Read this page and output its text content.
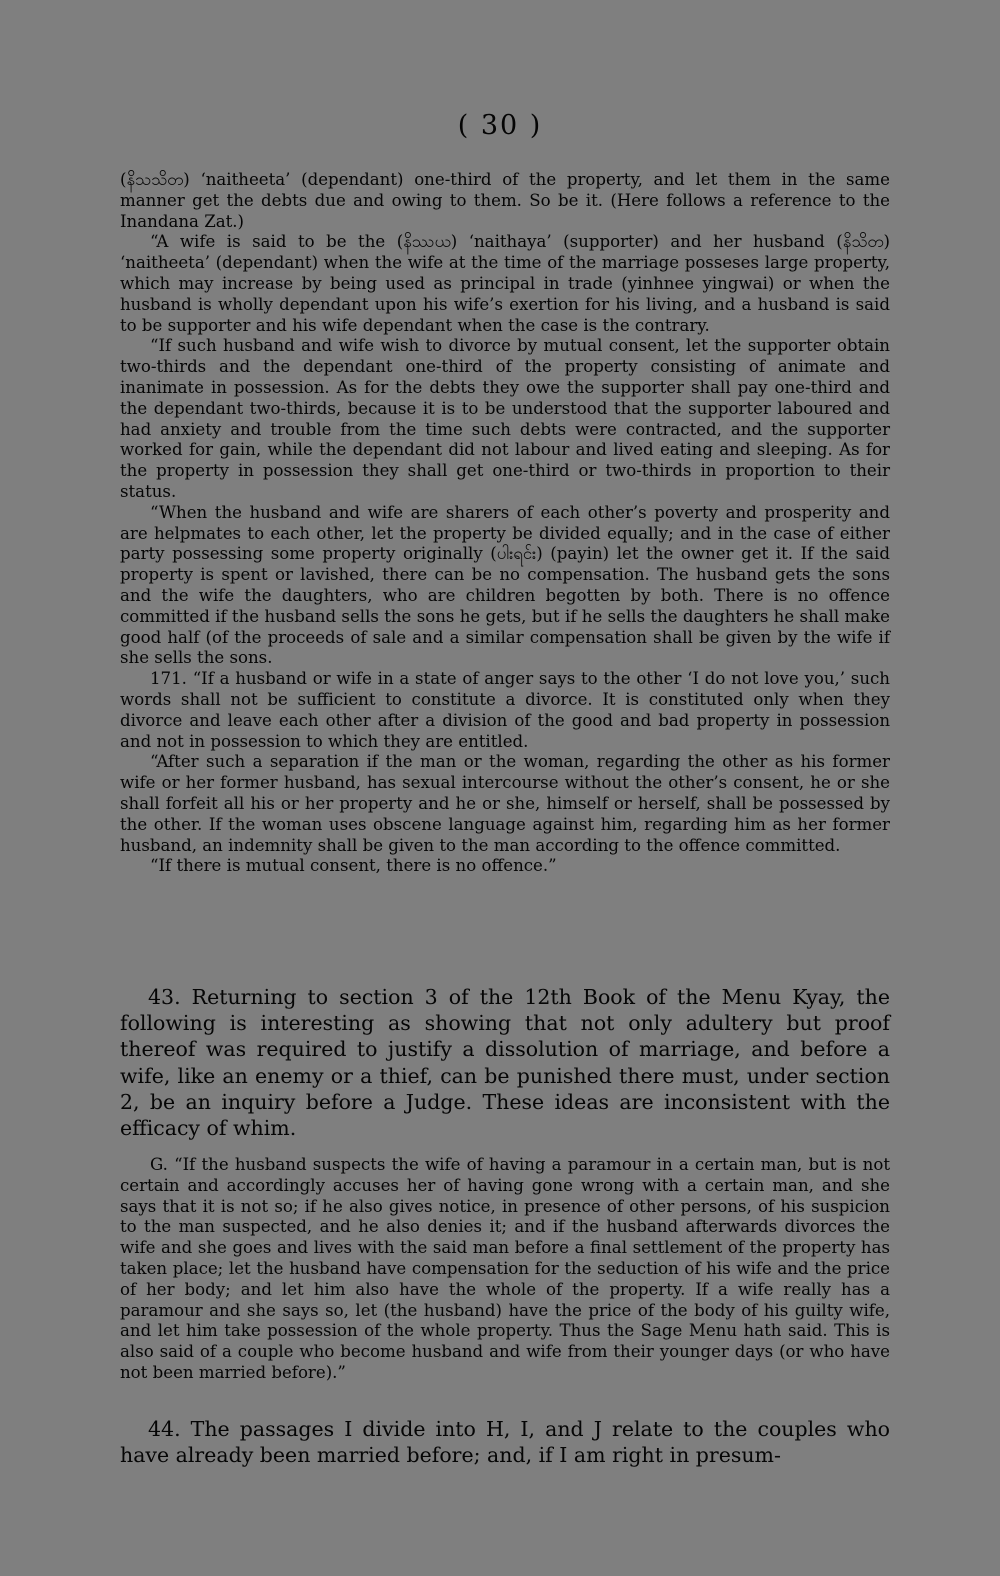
( 30 )

(နိသသိတ) ‘naitheeta’ (dependant) one-third of the property, and let them in the same manner get the debts due and owing to them. So be it. (Here follows a reference to the Inandana Zat.)

“A wife is said to be the (နိဿယ) ‘naithaya’ (supporter) and her husband (နိသိတ) ‘naitheeta’ (dependant) when the wife at the time of the marriage posseses large property, which may increase by being used as principal in trade (yinhnee yingwai) or when the husband is wholly dependant upon his wife’s exertion for his living, and a husband is said to be supporter and his wife dependant when the case is the contrary.

“If such husband and wife wish to divorce by mutual consent, let the supporter obtain two-thirds and the dependant one-third of the property consisting of animate and inanimate in possession. As for the debts they owe the supporter shall pay one-third and the dependant two-thirds, because it is to be understood that the supporter laboured and had anxiety and trouble from the time such debts were contracted, and the supporter worked for gain, while the dependant did not labour and lived eating and sleeping. As for the property in possession they shall get one-third or two-thirds in proportion to their status.

“When the husband and wife are sharers of each other’s poverty and prosperity and are helpmates to each other, let the property be divided equally; and in the case of either party possessing some property originally (ပါးရင်း) (payin) let the owner get it. If the said property is spent or lavished, there can be no compensation. The husband gets the sons and the wife the daughters, who are children begotten by both. There is no offence committed if the husband sells the sons he gets, but if he sells the daughters he shall make good half (of the proceeds of sale and a similar compensation shall be given by the wife if she sells the sons.

171. “If a husband or wife in a state of anger says to the other ‘I do not love you,’ such words shall not be sufficient to constitute a divorce. It is constituted only when they divorce and leave each other after a division of the good and bad property in possession and not in possession to which they are entitled.

“After such a separation if the man or the woman, regarding the other as his former wife or her former husband, has sexual intercourse without the other’s consent, he or she shall forfeit all his or her property and he or she, himself or herself, shall be possessed by the other. If the woman uses obscene language against him, regarding him as her former husband, an indemnity shall be given to the man according to the offence committed.

“If there is mutual consent, there is no offence.”

43. Returning to section 3 of the 12th Book of the Menu Kyay, the following is interesting as showing that not only adultery but proof thereof was required to justify a dissolution of marriage, and before a wife, like an enemy or a thief, can be punished there must, under section 2, be an inquiry before a Judge. These ideas are inconsistent with the efficacy of whim.

G. “If the husband suspects the wife of having a paramour in a certain man, but is not certain and accordingly accuses her of having gone wrong with a certain man, and she says that it is not so; if he also gives notice, in presence of other persons, of his suspicion to the man suspected, and he also denies it; and if the husband afterwards divorces the wife and she goes and lives with the said man before a final settlement of the property has taken place; let the husband have compensation for the seduction of his wife and the price of her body; and let him also have the whole of the property. If a wife really has a paramour and she says so, let (the husband) have the price of the body of his guilty wife, and let him take possession of the whole property. Thus the Sage Menu hath said. This is also said of a couple who become husband and wife from their younger days (or who have not been married before).”

44. The passages I divide into H, I, and J relate to the couples who have already been married before; and, if I am right in presum-
